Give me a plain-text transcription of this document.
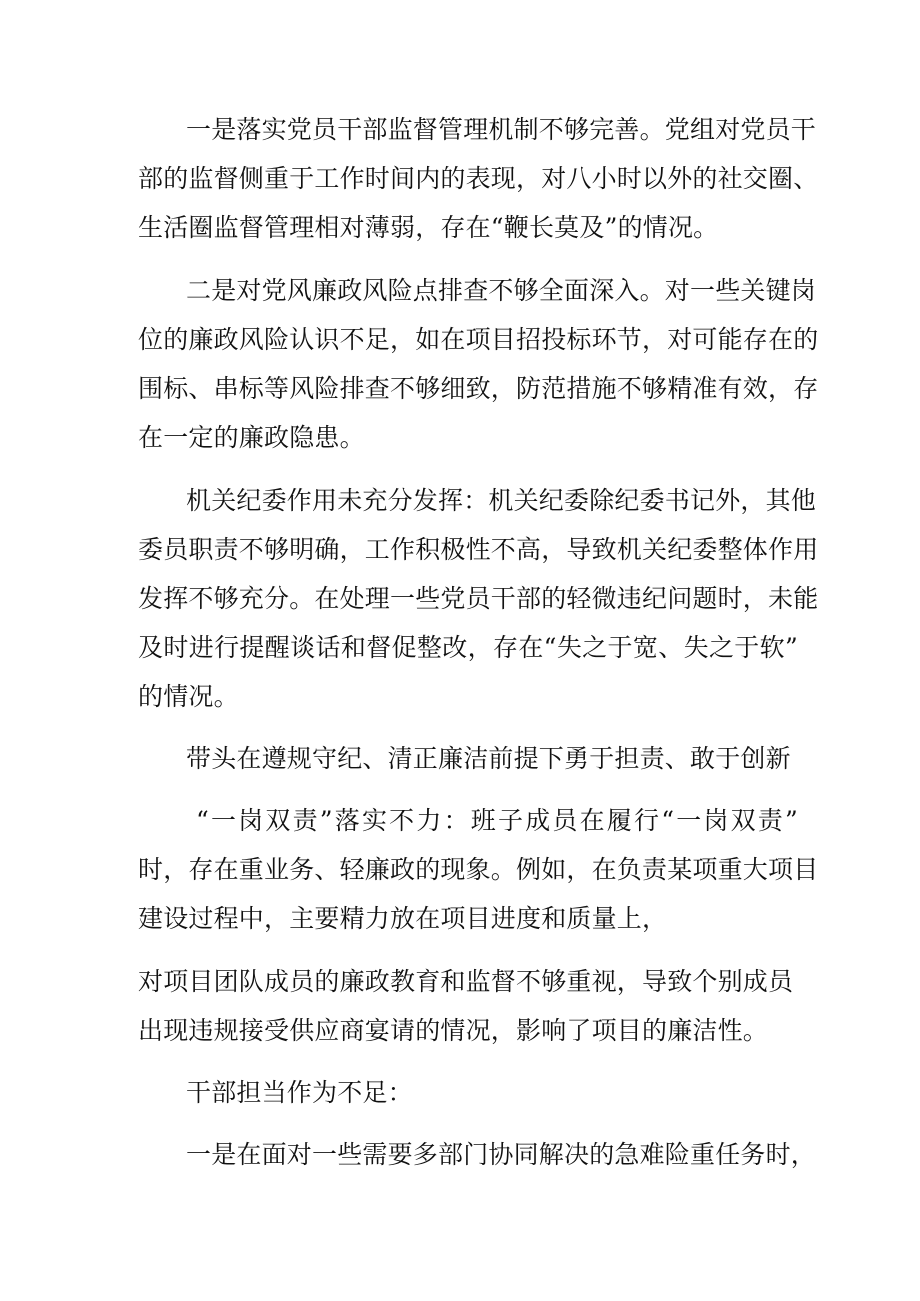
一是落实党员干部监督管理机制不够完善。党组对党员干
部的监督侧重于工作时间内的表现，对八小时以外的社交圈、
生活圈监督管理相对薄弱，存在“鞭长莫及”的情况。
二是对党风廉政风险点排查不够全面深入。对一些关键岗
位的廉政风险认识不足，如在项目招投标环节，对可能存在的
围标、串标等风险排查不够细致，防范措施不够精准有效，存
在一定的廉政隐患。
机关纪委作用未充分发挥：机关纪委除纪委书记外，其他
委员职责不够明确，工作积极性不高，导致机关纪委整体作用
发挥不够充分。在处理一些党员干部的轻微违纪问题时，未能
及时进行提醒谈话和督促整改，存在“失之于宽、失之于软”
的情况。
带头在遵规守纪、清正廉洁前提下勇于担责、敢于创新
“一岗双责”落实不力：班子成员在履行“一岗双责”
时，存在重业务、轻廉政的现象。例如，在负责某项重大项目
建设过程中，主要精力放在项目进度和质量上，
对项目团队成员的廉政教育和监督不够重视，导致个别成员
出现违规接受供应商宴请的情况，影响了项目的廉洁性。
干部担当作为不足：
一是在面对一些需要多部门协同解决的急难险重任务时，
